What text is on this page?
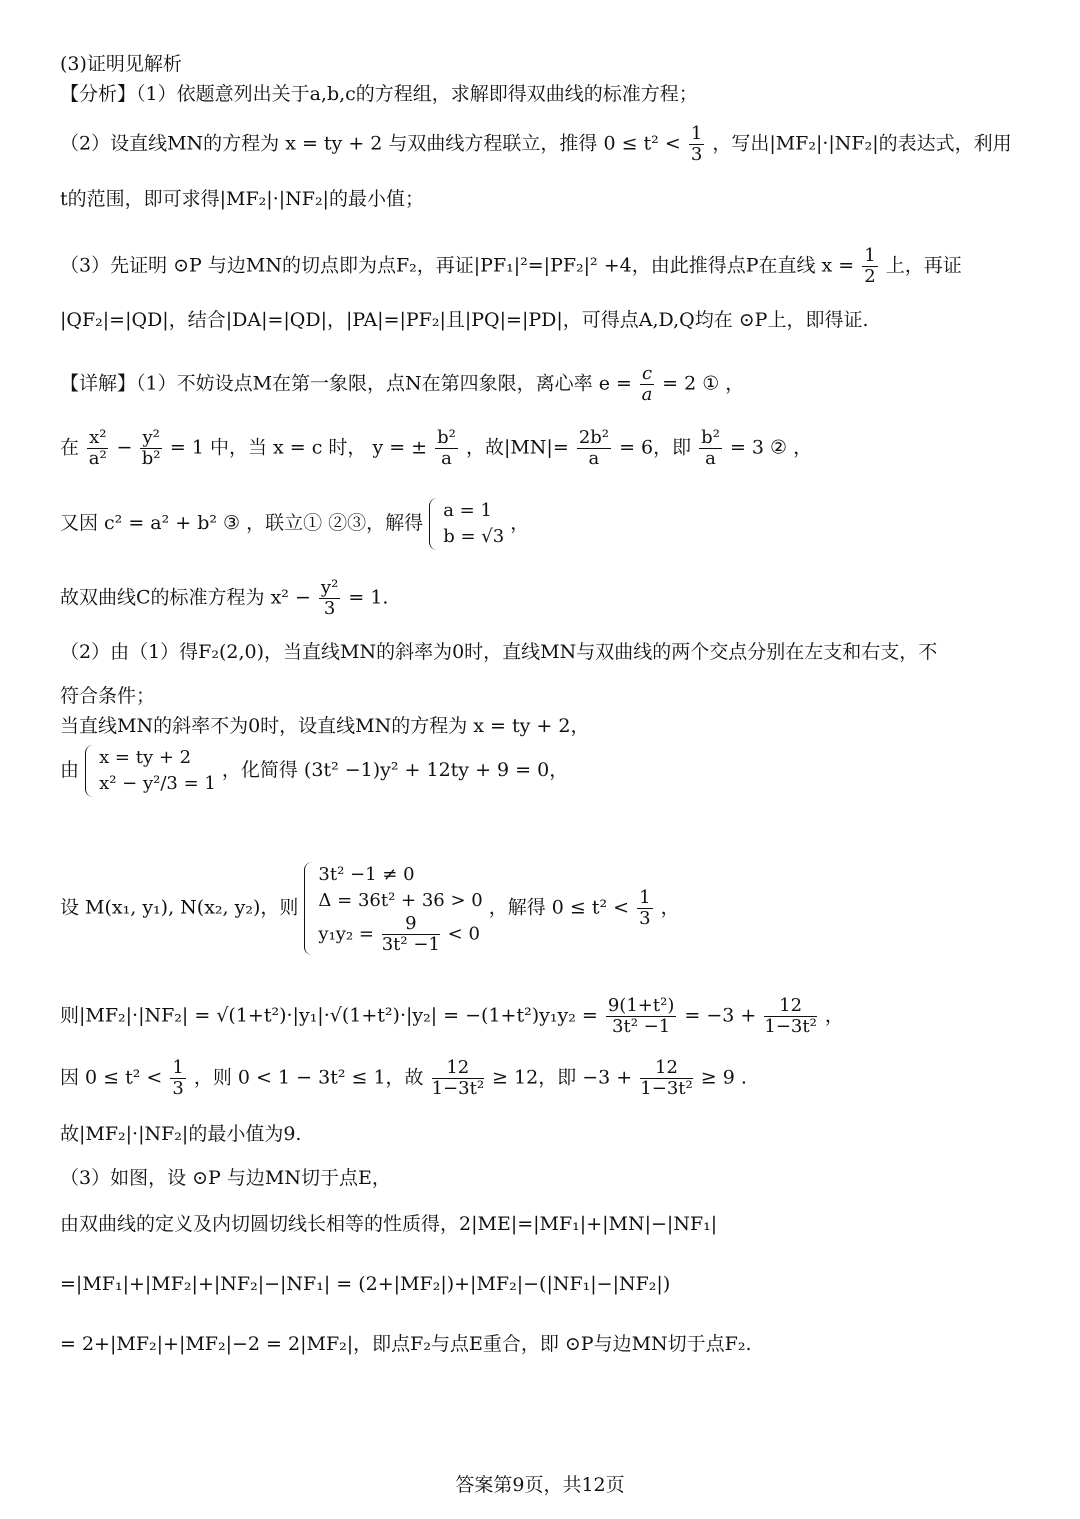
(3)证明见解析
【分析】（1）依题意列出关于a,b,c的方程组，求解即得双曲线的标准方程；
（2）设直线MN的方程为 x = ty + 2 与双曲线方程联立，推得 $0 \le t^2 < \frac{1}{3}$ ，写出|MF₂|·|NF₂|的表达式，利用
t的范围，即可求得|MF₂|·|NF₂|的最小值；
（3）先证明 ⊙P 与边MN的切点即为点F₂，再证|PF₁|²=|PF₂|² +4，由此推得点P在直线 $x = \frac{1}{2}$ 上，再证
|QF₂|=|QD|，结合|DA|=|QD|，|PA|=|PF₂|且|PQ|=|PD|，可得点A,D,Q均在 ⊙P上，即得证.
【详解】（1）不妨设点M在第一象限，点N在第四象限，离心率 $e = \frac{c}{a} = 2$ ① ，
在 $\frac{\text{x²}}{\text{a²}} - \frac{\text{y²}}{\text{b²}} = 1$ 中，当 x = c 时， y = ± $\frac{\text{b²}}{a}$ ，故$|MN|= \frac{\text{2b²}}{a} = 6$，即 $\frac{\text{b²}}{a} = 3$ ② ，
又因 c² = a² + b² ③ ，联立① ②③，解得
a = 1
b = √3
，
故双曲线C的标准方程为 $x^2 - \frac{\text{y²}}{3} = 1$.
（2）由（1）得F₂(2,0)，当直线MN的斜率为0时，直线MN与双曲线的两个交点分别在左支和右支，不
符合条件；
当直线MN的斜率不为0时，设直线MN的方程为 x = ty + 2，
由
x = ty + 2
x² − y²/3 = 1
，化简得 (3t² −1)y² + 12ty + 9 = 0，
设 M(x₁, y₁), N(x₂, y₂)，则
3t² −1 ≠ 0
Δ = 36t² + 36 > 0
$y_1y_2 = \frac{9}{\text{3t² −1}} < 0$
，解得 $0 \le t^2 < \frac{1}{3}$ ，
则$|MF_2|\cdot|NF_2| = √(1+t^2)\cdot|y_1|\cdot√(1+t^2)\cdot|y_2| = -(1+t^2)y_1y_2 = \frac{\text{9(1+t²)}}{\text{3t² −1}} = -3 + \frac{12}{\text{1−3t²}}$ ，
因 $0 \le t^2 < \frac{1}{3}$ ，则 0 < 1 − 3t² ≤ 1，故 $\frac{12}{\text{1−3t²}} \ge 12$，即 $-3 + \frac{12}{\text{1−3t²}} \ge 9$ .
故|MF₂|·|NF₂|的最小值为9.
（3）如图，设 ⊙P 与边MN切于点E，
由双曲线的定义及内切圆切线长相等的性质得，2|ME|=|MF₁|+|MN|−|NF₁|
=|MF₁|+|MF₂|+|NF₂|−|NF₁| = (2+|MF₂|)+|MF₂|−(|NF₁|−|NF₂|)
= 2+|MF₂|+|MF₂|−2 = 2|MF₂|，即点F₂与点E重合，即 ⊙P与边MN切于点F₂.
答案第9页，共12页
